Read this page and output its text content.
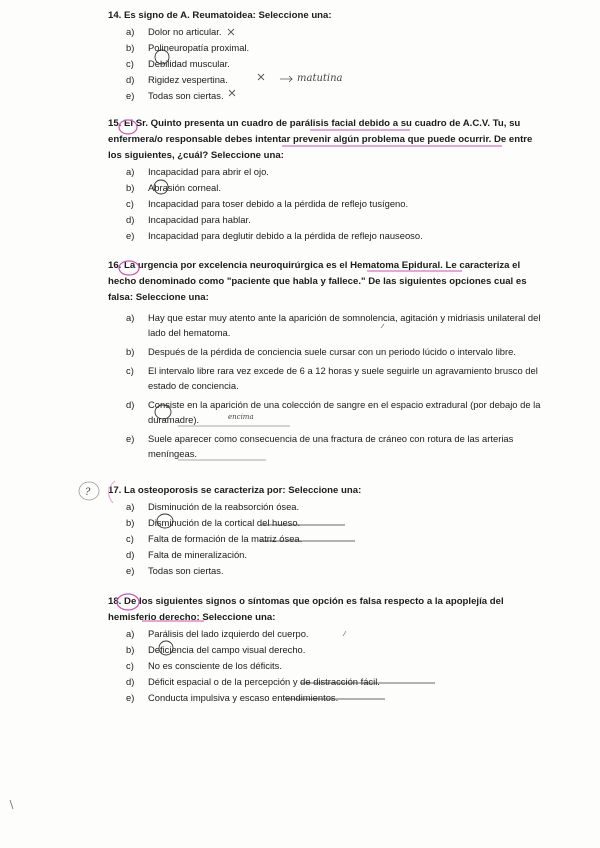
14. Es signo de A. Reumatoidea: Seleccione una:
a)	Dolor no articular.
b)	Polineuropatía proximal.
c)	Debilidad muscular.
d)	Rigidez vespertina.
e)	Todas son ciertas.
15. El Sr. Quinto presenta un cuadro de parálisis facial debido a su cuadro de A.C.V. Tu, su enfermera/o responsable debes intentar prevenir algún problema que puede ocurrir. De entre los siguientes, ¿cuál? Seleccione una:
a)	Incapacidad para abrir el ojo.
b)	Abrasión corneal.
c)	Incapacidad para toser debido a la pérdida de reflejo tusígeno.
d)	Incapacidad para hablar.
e)	Incapacidad para deglutir debido a la pérdida de reflejo nauseoso.
16. La urgencia por excelencia neuroquirúrgica es el Hematoma Epidural. Le caracteriza el hecho denominado como "paciente que habla y fallece." De las siguientes opciones cual es falsa: Seleccione una:
a)	Hay que estar muy atento ante la aparición de somnolencia, agitación y midriasis unilateral del lado del hematoma.
b)	Después de la pérdida de conciencia suele cursar con un periodo lúcido o intervalo libre.
c)	El intervalo libre rara vez excede de 6 a 12 horas y suele seguirle un agravamiento brusco del estado de conciencia.
d)	Consiste en la aparición de una colección de sangre en el espacio extradural (por debajo de la duramadre).
e)	Suele aparecer como consecuencia de una fractura de cráneo con rotura de las arterias meníngeas.
17. La osteoporosis se caracteriza por: Seleccione una:
a)	Disminución de la reabsorción ósea.
b)	Disminución de la cortical del hueso.
c)	Falta de formación de la matriz ósea.
d)	Falta de mineralización.
e)	Todas son ciertas.
18. De los siguientes signos o síntomas que opción es falsa respecto a la apoplejía del hemisferio derecho: Seleccione una:
a)	Parálisis del lado izquierdo del cuerpo.
b)	Deficiencia del campo visual derecho.
c)	No es consciente de los déficits.
d)	Déficit espacial o de la percepción y de distracción fácil.
e)	Conducta impulsiva y escaso entendimientos.
matutina
encima
?
